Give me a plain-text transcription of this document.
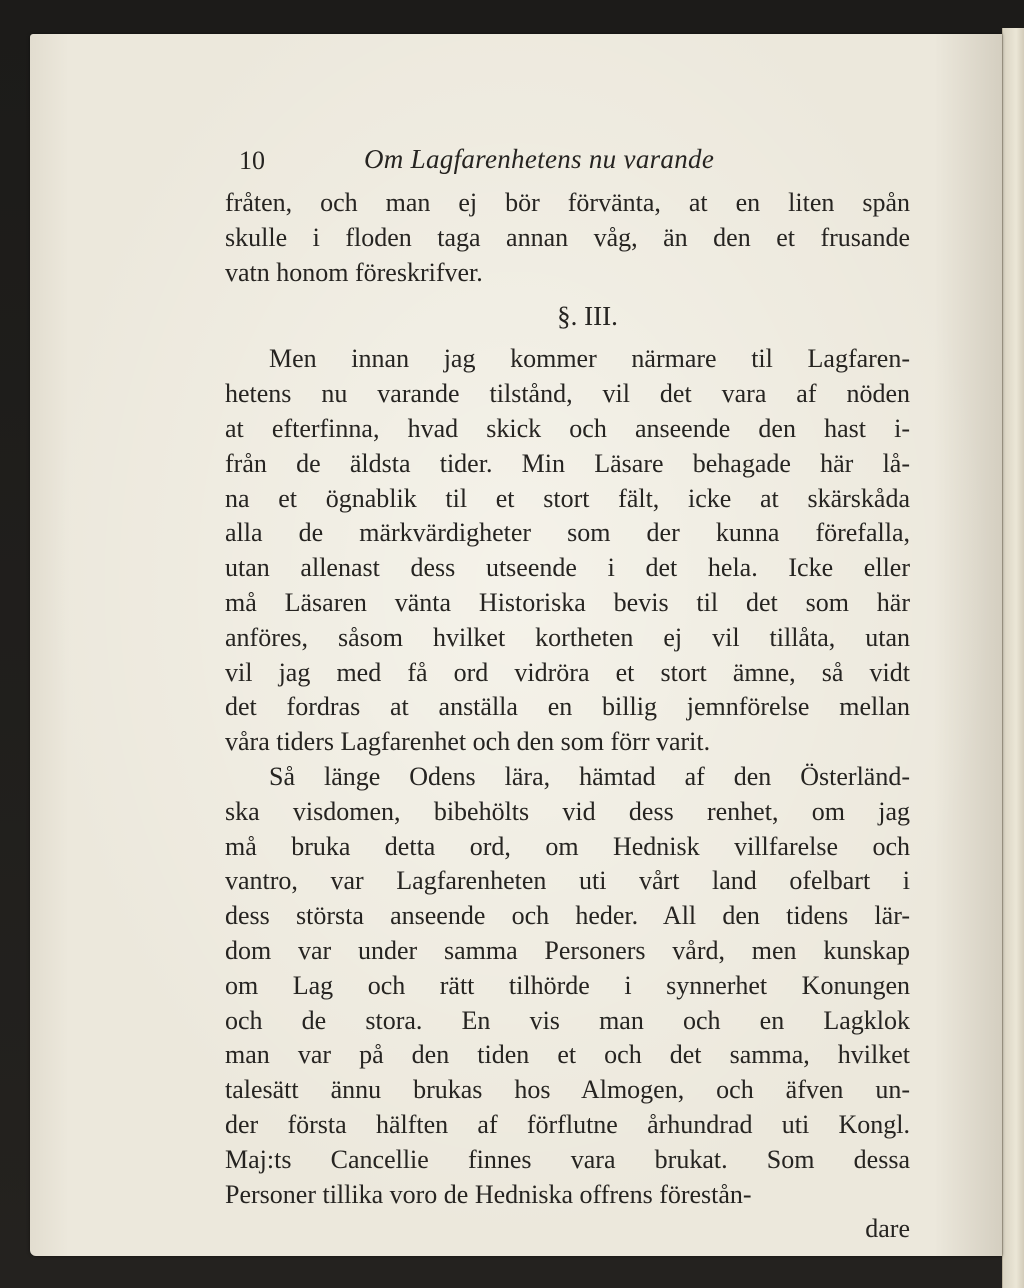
10	Om Lagfarenhetens nu varande
fråten, och man ej bör förvänta, at en liten spån
skulle i floden taga annan våg, än den et frusande
vatn honom föreskrifver.
§. III.
Men innan jag kommer närmare til Lagfaren-
hetens nu varande tilstånd, vil det vara af nöden
at efterfinna, hvad skick och anseende den hast i-
från de äldsta tider. Min Läsare behagade här lå-
na et ögnablik til et stort fält, icke at skärskåda
alla de märkvärdigheter som der kunna förefalla,
utan allenast dess utseende i det hela. Icke eller
må Läsaren vänta Historiska bevis til det som här
anföres, såsom hvilket kortheten ej vil tillåta, utan
vil jag med få ord vidröra et stort ämne, så vidt
det fordras at anställa en billig jemnförelse mellan
våra tiders Lagfarenhet och den som förr varit.
Så länge Odens lära, hämtad af den Österländ-
ska visdomen, bibehölts vid dess renhet, om jag
må bruka detta ord, om Hednisk villfarelse och
vantro, var Lagfarenheten uti vårt land ofelbart i
dess största anseende och heder. All den tidens lär-
dom var under samma Personers vård, men kunskap
om Lag och rätt tilhörde i synnerhet Konungen
och de stora. En vis man och en Lagklok
man var på den tiden et och det samma, hvilket
talesätt ännu brukas hos Almogen, och äfven un-
der första hälften af förflutne århundrad uti Kongl.
Maj:ts Cancellie finnes vara brukat. Som dessa
Personer tillika voro de Hedniska offrens förestån-
dare
